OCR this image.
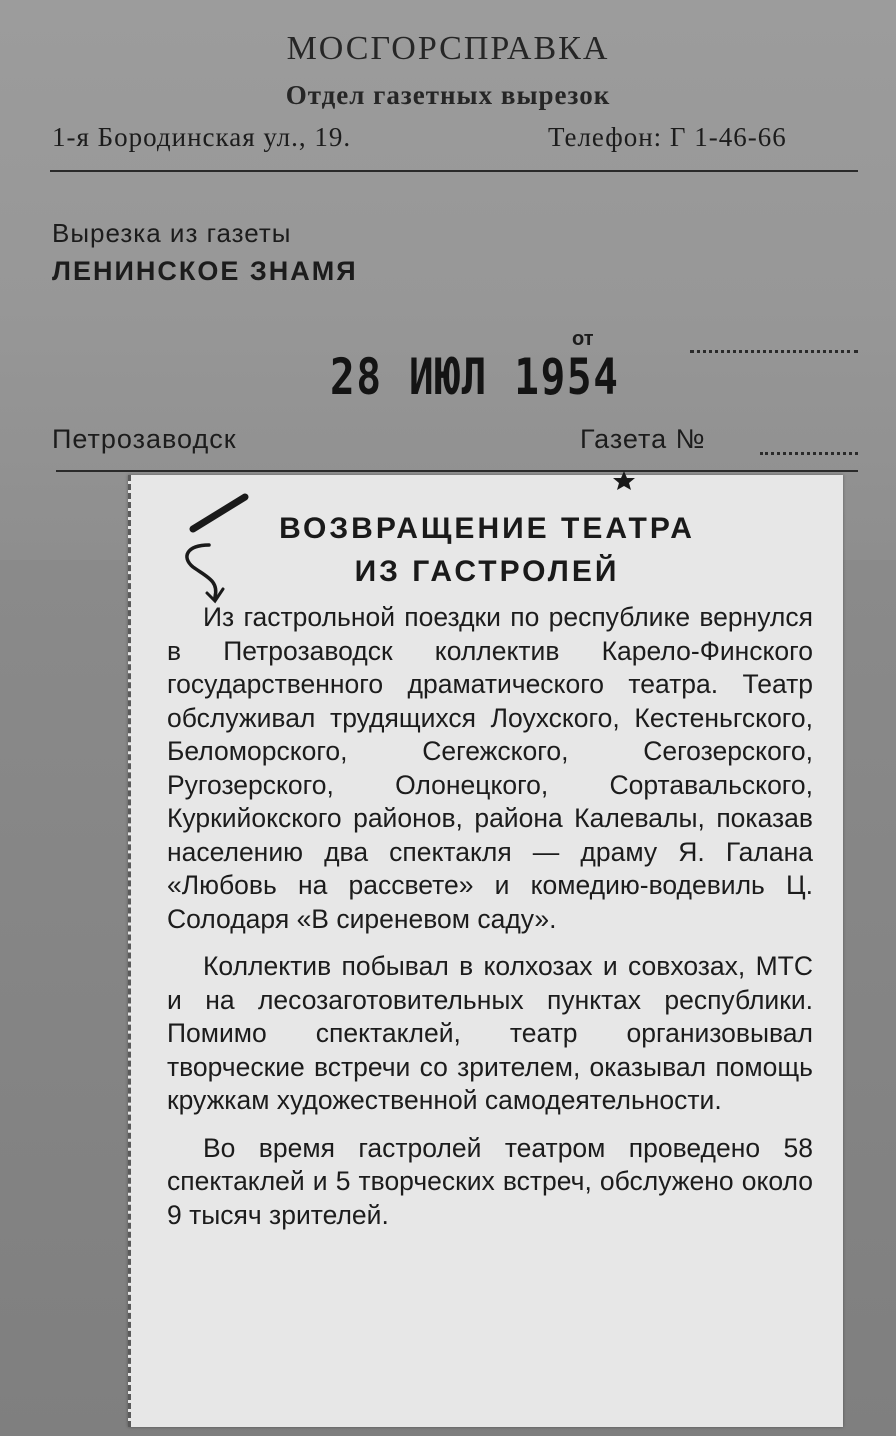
МОСГОРСПРАВКА
Отдел газетных вырезок
1-я Бородинская ул., 19.	Телефон: Г 1-46-66
Вырезка из газеты
ЛЕНИНСКОЕ ЗНАМЯ
от
28 ИЮЛ 1954
Петрозаводск	Газета №
ВОЗВРАЩЕНИЕ ТЕАТРА
ИЗ ГАСТРОЛЕЙ

Из гастрольной поездки по республике вернулся в Петрозаводск коллектив Карело-Финского государственного драматического театра. Театр обслуживал трудящихся Лоухского, Кестеньгского, Беломорского, Сегежского, Сегозерского, Ругозерского, Олонецкого, Сортавальского, Куркийокского районов, района Калевалы, показав населению два спектакля — драму Я. Галана «Любовь на рассвете» и комедию-водевиль Ц. Солодаря «В сиреневом саду».

Коллектив побывал в колхозах и совхозах, МТС и на лесозаготовительных пунктах республики. Помимо спектаклей, театр организовывал творческие встречи со зрителем, оказывал помощь кружкам художественной самодеятельности.

Во время гастролей театром проведено 58 спектаклей и 5 творческих встреч, обслужено около 9 тысяч зрителей.
